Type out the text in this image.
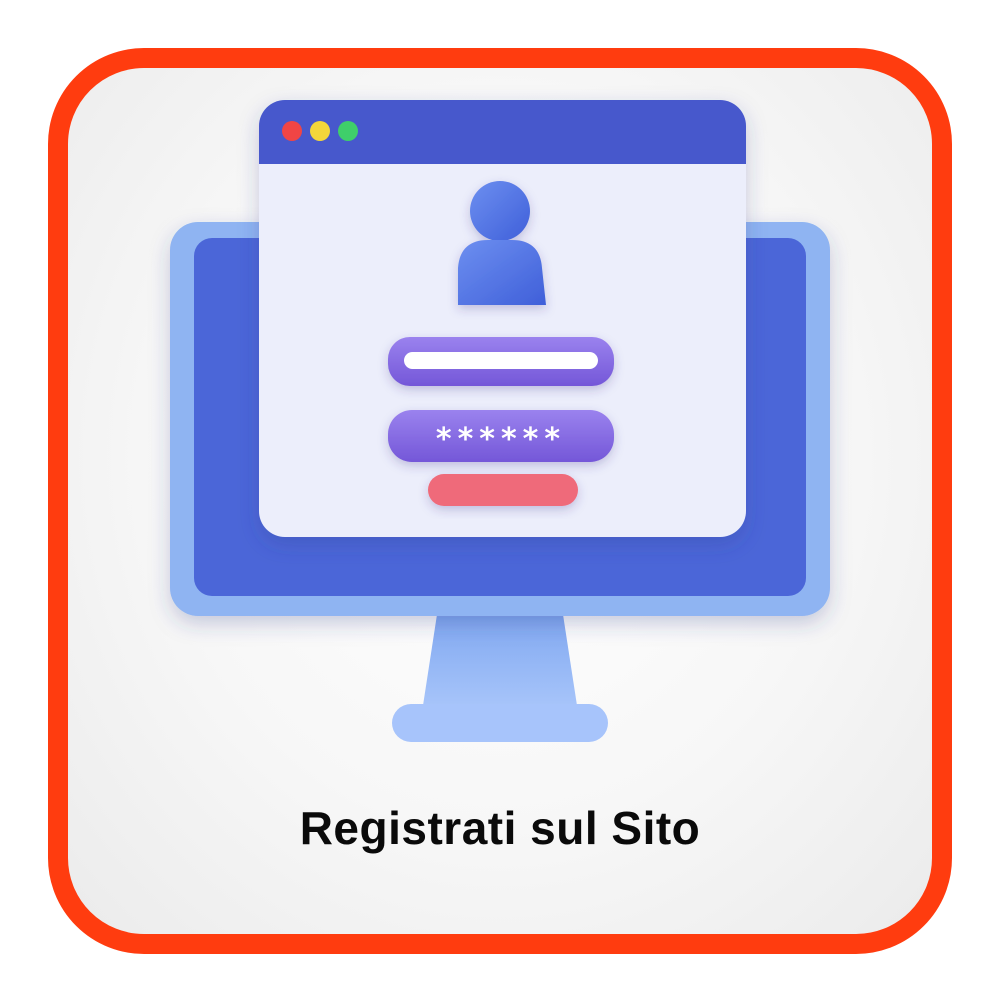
******
Registrati sul Sito
